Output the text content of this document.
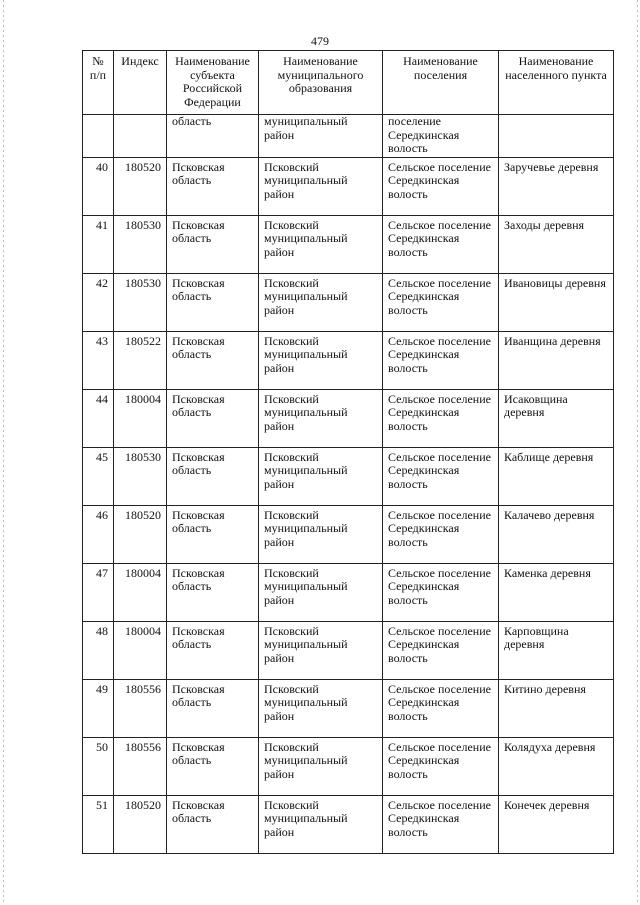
479
№ п/п	Индекс	Наименование субъекта Российской Федерации	Наименование муниципального образования	Наименование поселения	Наименование населенного пункта
		область	муниципальный район	поселение Середкинская волость	
40	180520	Псковская область	Псковский муниципальный район	Сельское поселение Середкинская волость	Заручевье деревня
41	180530	Псковская область	Псковский муниципальный район	Сельское поселение Середкинская волость	Заходы деревня
42	180530	Псковская область	Псковский муниципальный район	Сельское поселение Середкинская волость	Ивановицы деревня
43	180522	Псковская область	Псковский муниципальный район	Сельское поселение Середкинская волость	Иванщина деревня
44	180004	Псковская область	Псковский муниципальный район	Сельское поселение Середкинская волость	Исаковщина деревня
45	180530	Псковская область	Псковский муниципальный район	Сельское поселение Середкинская волость	Каблище деревня
46	180520	Псковская область	Псковский муниципальный район	Сельское поселение Середкинская волость	Калачево деревня
47	180004	Псковская область	Псковский муниципальный район	Сельское поселение Середкинская волость	Каменка деревня
48	180004	Псковская область	Псковский муниципальный район	Сельское поселение Середкинская волость	Карповщина деревня
49	180556	Псковская область	Псковский муниципальный район	Сельское поселение Середкинская волость	Китино деревня
50	180556	Псковская область	Псковский муниципальный район	Сельское поселение Середкинская волость	Колядуха деревня
51	180520	Псковская область	Псковский муниципальный район	Сельское поселение Середкинская волость	Конечек деревня
